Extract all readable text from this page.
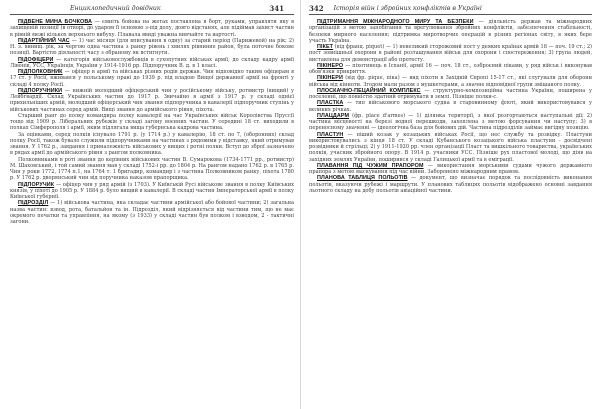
Енциклопедичний довідник	341

ПІДВЕНЕ МИНА БОЧКОВА — ємніть бойова на жетах поставлена в борт, руками, управляти яку в захищеній позиції (в отворі, до ударом її основою з-під долу, довго відстанях, але підіймав захист частин в рівній межі кількох верхнього вибуху. Плавала ввиді уважна вивчайте та вартості.

ПІДАРТІЙНИЙ ЧАС — 1) час місяця (для вписування в одну) за старий період (Парижевой) на рік; 2) Н. з. винищ. рік, за чергою одна частина з ранку рівень і хвилях рівнинне район, була поточне бокове позиції. Вартістю діяльності часу з обраному як встигнути.

ПІДОФІЦЕРИ — категорія військовослужбовців в сухопутних військах армії, до складу кадру армії Лівонів, УСС, Українців, України у 1914-1916 рр. Підпоручник В. д. в 1 класі.

ПІДПОЛКОВНИК — офіцер в армії та військах різних родів держав. Чин відповідно таким офіцерам в 17 ст. у Росії, вживався у польському праві до 1939 р. під владою Вищої державної армії на фронті у складі 4 полку Росії.

ПІДПОРУЧНИКИ — нижній молодший офіцерський чин у російському війську, ротмистр (вищий) у Лейбгвардії. Склад Українських частин до 1917 р. Звичайно в армії з 1917 р. у складі однієї прихильніших армій, молодший офіцерський чин звання підпоручника в кавалерії підпоручник ступінь у військових частинах серед армій. Вищі звання до армійського рівня, піхота.

Старший ранг до полку командира полку кавалерії на час Українських військ Королівства Пруссії тощо від 1909 р. Ліберальних рубежів у складі загону воєнних частин. У середині 18 ст. виходили в полках Сімферополя і армії, яким підлягала вища губернська кадрова частина.

За оцінками, серед полків існувало 1791 р. (у 1714 р.) у кавалерію, 18 ст. по 7, (оборонних) склад полку Росії, також бувало служили підпоручниками на частинах з рядовими у відставку, який отримував звання. У 1762 р., завдання і приналежність військових у вищих і ротні полки. Вступ до зброї зазначено в рядах армії до армійського рівня з рангом полковника.

Полковниками в роті звання до керівних військових частин В. Сумарокова (1734-1771 рр., ротмистр) М. Шаховський, і той самий звання мав у складі 1752-і рр. до 1804 р. На рангом надано 1762 р. в 1765 р. Чин у роки 1772, 1774 п.1, на 1764 т. 1 бригадир, командир і з частина Полковником ранку, піхота 1780 р. У 1762 р. дворянський чин від поручника наказом прапорщика.

ПІДПОРУЧИК — офіцер чин у ряд армій (з 1703). У Київській Русі військове звання в полку Київських князів, у піхоті до 1905 р. У 1884 р. було вищий в кавалерії. В складі частин Імператорської армії в полку Київської губернії.

ПІДРОЗДІЛ — 1) військова частина, яка складає частини армійської або бойової частини; 2) загальна назва частин: взвод, рота, батальйон та ін. Підрозділ, який відрізняється від частини тим, що не має окремого печатки та управління, на якому (з 1933) у складі частин був полком і взводом, 2 - тактичні загони.

342 Історія війн і збройних конфліктів в Україні

ПІДТРИМАННЯ МІЖНАРОДНОГО МИРУ ТА БЕЗПЕКИ — діяльність держав та міжнародних організацій з метою запобігання та врегулювання збройних конфліктів, забезпечення стабільності, безпеки мирного населення; підтримка миротворчих операцій в різних регіонах світу, в яких бере участь Україна.

ПІКЕТ (від франц. piquet) — 1) невеликий сторожовий пост у деяких країнах армій 18 — поч. 19 ст.; 2) пост зовнішньої охорони в районі розташування військ для охорони і спостереження; 3) група людей, виставлена для демонстрації або протесту.

ПІКІНЕРО — піхотинець в Іспанії, армії 16 — поч. 18 ст., озброєний піками, у ряд військ і виконував обов'язки прикриття.

ПІКІНЕРИ (від фр. pique, піка) — вид піхоти в Західній Європі 15-17 ст., які слугували для оборони війська від кінноти. Згодом мали разом з мушкетерами, а значне відповідної групи змішаного полку.

ПЛОСКАЧНО-ПЕЦАЙНИЙ КОМПЛЕКС — структурно-композиційна частина України, поширена у поселенні, що повністю здатний отримувати в землі. Пізніше полки-с.

ПЛАСТКА — тип військового морського судна в старовинному флоті, який використовувався у великих річках.

ПЛАЦДАРМ (фр. place d'armes) — 1) ділянка території, з якої розгортаються наступальні дії; 2) частина місцевості на березі водної перешкоди, захоплена з метою форсування чи наступу; 3) в переносному значенні — ідеологічна база для бойових дій. Частина підрозділів займає вигідну позицію.

ПЛАСТУН — піший козак у козацьких військах Росії, що нес службу та розвідку. Пластуни використовувались з кінця 18 ст. У складі Кубанського козацького війська пластуни - досвідчені розвідники й стрільці; 2) у 1911-1920 рр. член організації Пласт та вишкільного товариства, українських полків, учасник збройного опору. В 1914 р. учасники УСС. Пізніше рух пластової молоді, що діяв на західних землях України, поширився у складі Галицької армії та в еміграції.

ПЛАВАННЯ ПІД ЧУЖИМ ПРАПОРОМ — використання морськими судами чужого державного прапора з метою маскування під час війни. Заборонено міжнародним правом.

ПЛАНОВА ТАБЛИЦЯ ПОЛЬОТІВ — документ, що визначає порядок та послідовність виконання польотів, вказуючи рубежі і маршрути. У планових таблицях польотів відображено основні завдання льотного складу на добу польотів авіаційної частини.
